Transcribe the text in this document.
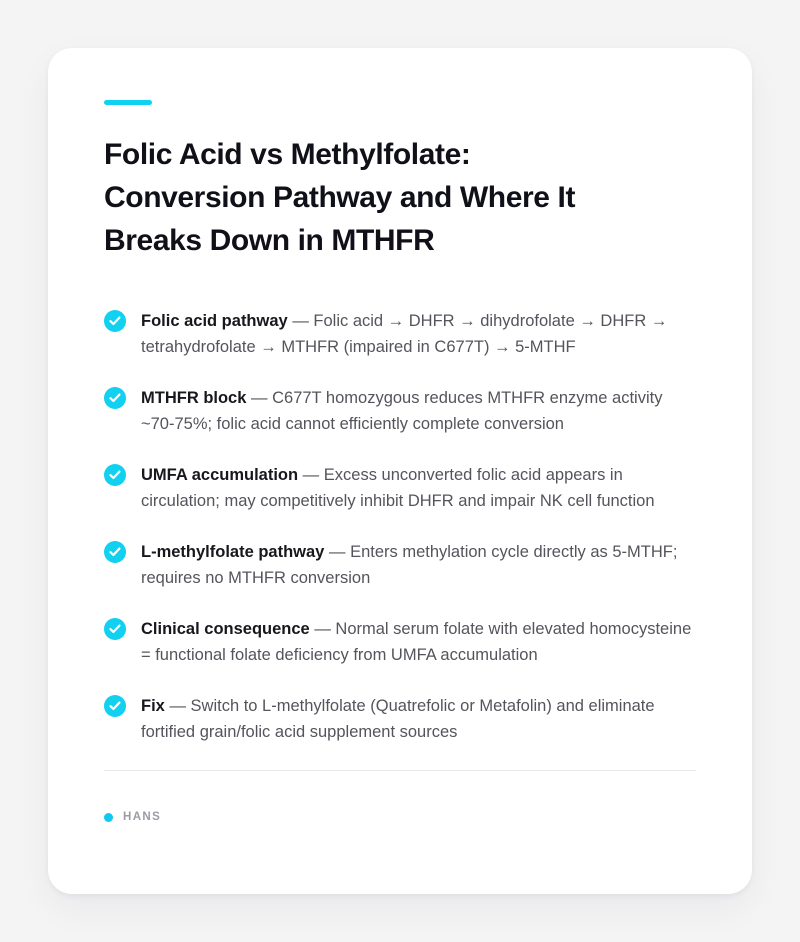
Folic Acid vs Methylfolate:
Conversion Pathway and Where It
Breaks Down in MTHFR

Folic acid pathway — Folic acid → DHFR → dihydrofolate → DHFR → tetrahydrofolate → MTHFR (impaired in C677T) → 5-MTHF

MTHFR block — C677T homozygous reduces MTHFR enzyme activity ~70-75%; folic acid cannot efficiently complete conversion

UMFA accumulation — Excess unconverted folic acid appears in circulation; may competitively inhibit DHFR and impair NK cell function

L-methylfolate pathway — Enters methylation cycle directly as 5-MTHF; requires no MTHFR conversion

Clinical consequence — Normal serum folate with elevated homocysteine = functional folate deficiency from UMFA accumulation

Fix — Switch to L-methylfolate (Quatrefolic or Metafolin) and eliminate fortified grain/folic acid supplement sources

HANS
